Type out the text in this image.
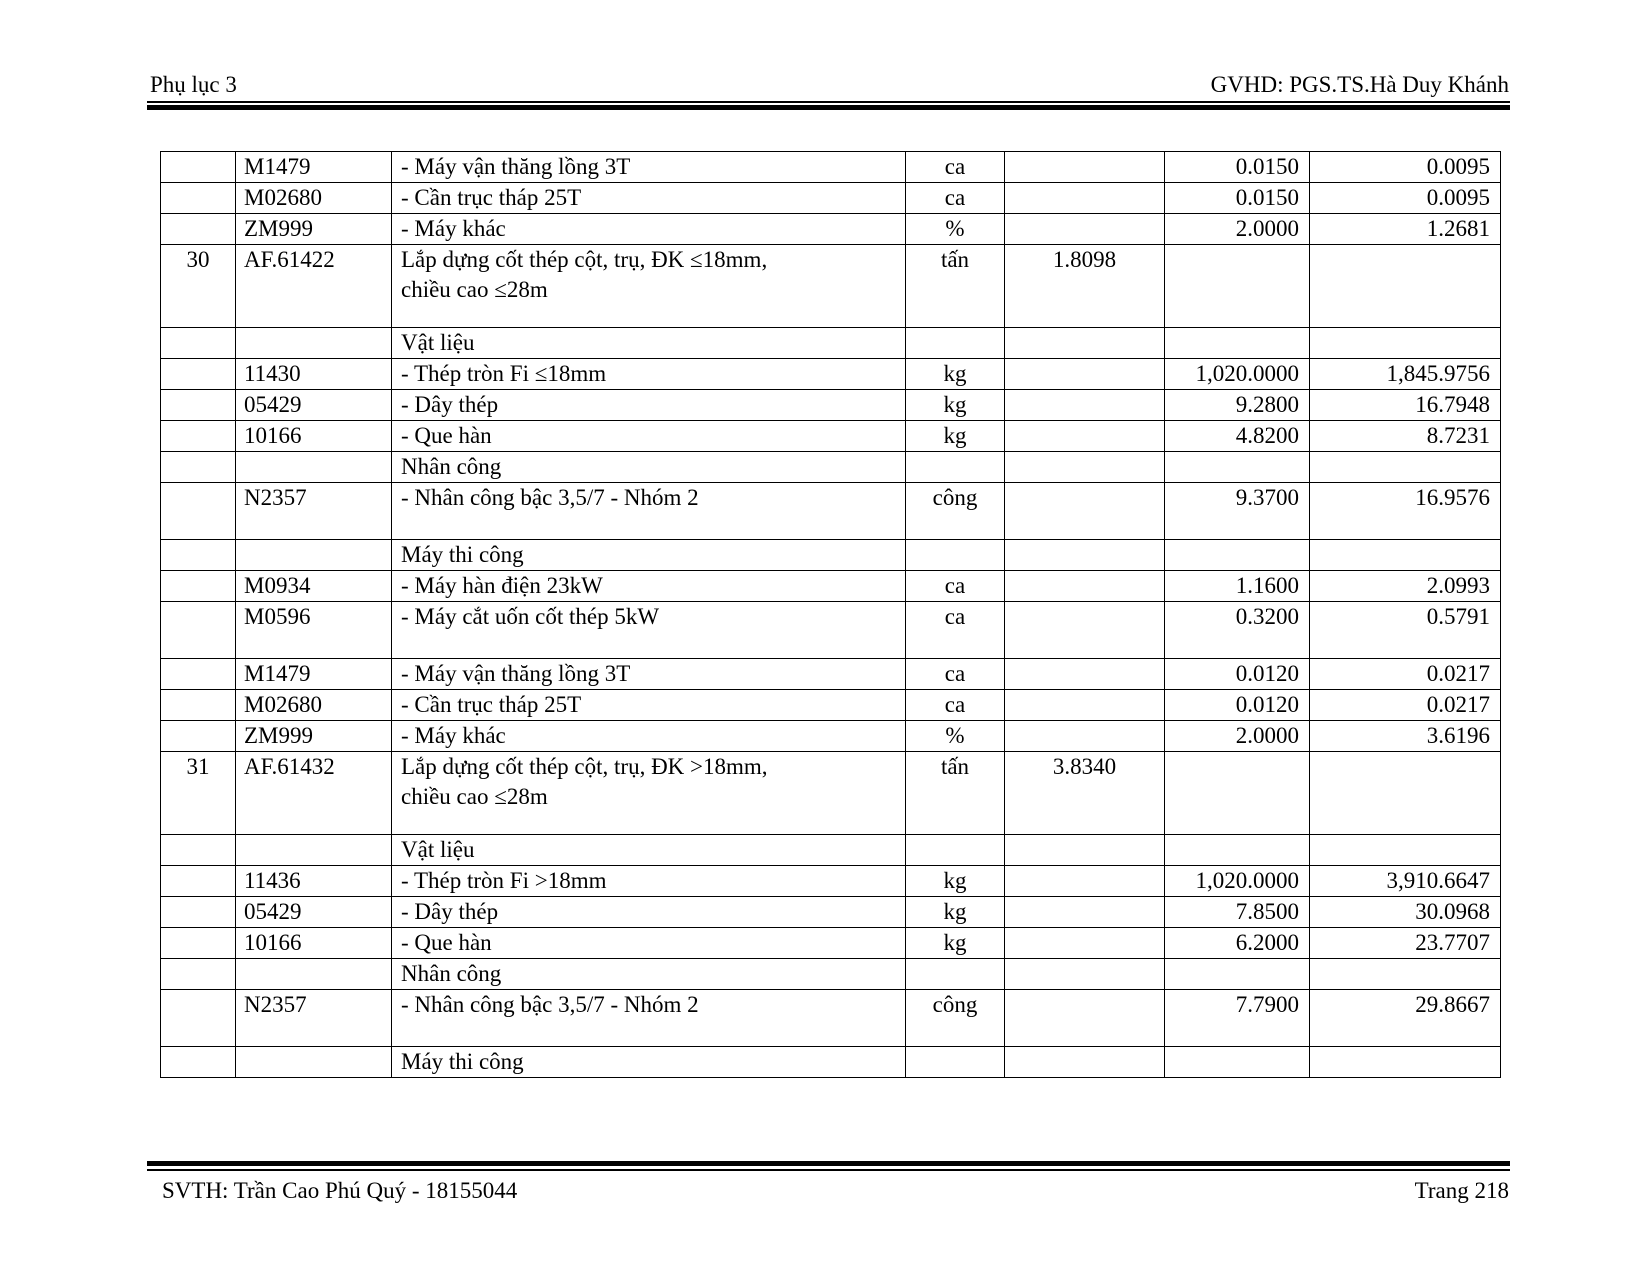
Phụ lục 3	GVHD: PGS.TS.Hà Duy Khánh

	M1479	- Máy vận thăng lồng 3T	ca		0.0150	0.0095

	M02680	- Cần trục tháp 25T	ca		0.0150	0.0095

	ZM999	- Máy khác	%		2.0000	1.2681

30	AF.61422	Lắp dựng cốt thép cột, trụ, ĐK ≤18mm,
chiều cao ≤28m	tấn	1.8098		

		Vật liệu				

	11430	- Thép tròn Fi ≤18mm	kg		1,020.0000	1,845.9756

	05429	- Dây thép	kg		9.2800	16.7948

	10166	- Que hàn	kg		4.8200	8.7231

		Nhân công				

	N2357	- Nhân công bậc 3,5/7 - Nhóm 2	công		9.3700	16.9576

		Máy thi công				

	M0934	- Máy hàn điện 23kW	ca		1.1600	2.0993

	M0596	- Máy cắt uốn cốt thép 5kW	ca		0.3200	0.5791

	M1479	- Máy vận thăng lồng 3T	ca		0.0120	0.0217

	M02680	- Cần trục tháp 25T	ca		0.0120	0.0217

	ZM999	- Máy khác	%		2.0000	3.6196

31	AF.61432	Lắp dựng cốt thép cột, trụ, ĐK >18mm,
chiều cao ≤28m	tấn	3.8340		

		Vật liệu				

	11436	- Thép tròn Fi >18mm	kg		1,020.0000	3,910.6647

	05429	- Dây thép	kg		7.8500	30.0968

	10166	- Que hàn	kg		6.2000	23.7707

		Nhân công				

	N2357	- Nhân công bậc 3,5/7 - Nhóm 2	công		7.7900	29.8667

		Máy thi công				

SVTH: Trần Cao Phú Quý - 18155044	Trang 218
